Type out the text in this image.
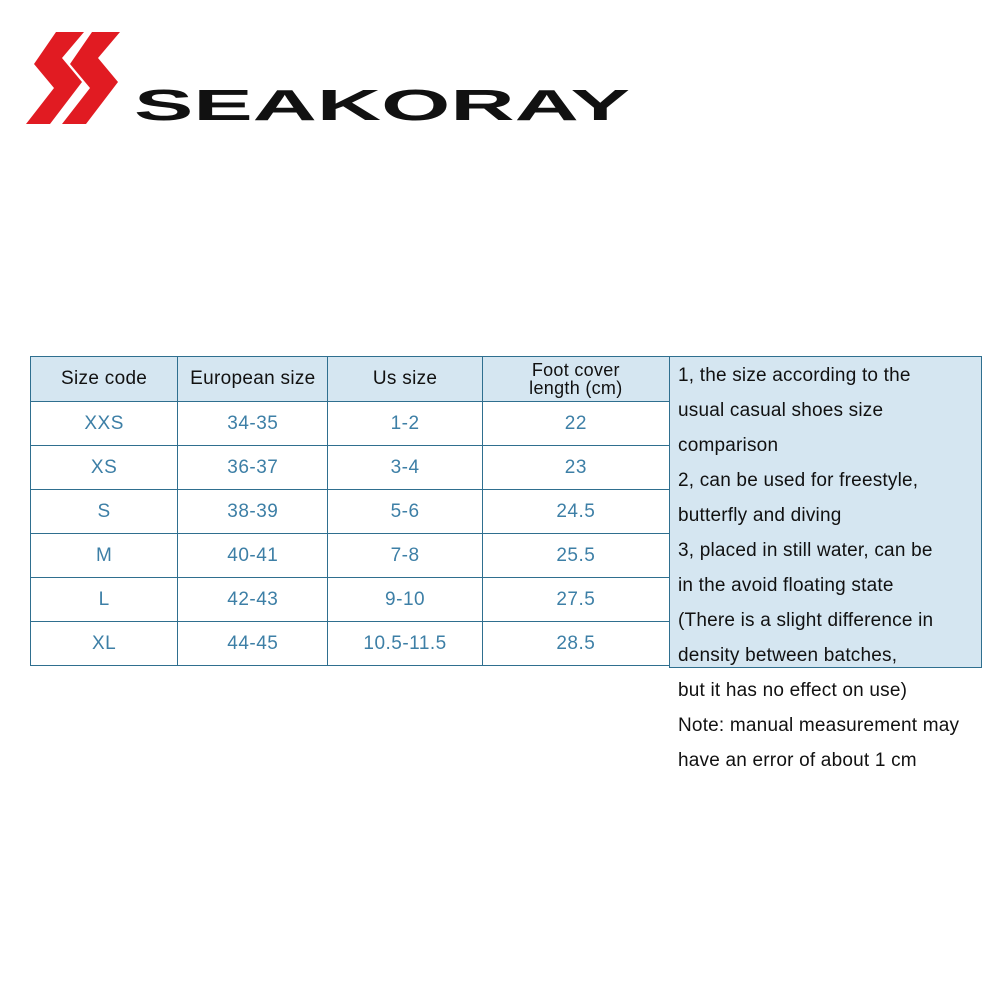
SEAKORAY
Size code	European size	Us size	Foot cover
length (cm)
XXS	34-35	1-2	22
XS	36-37	3-4	23
S	38-39	5-6	24.5
M	40-41	7-8	25.5
L	42-43	9-10	27.5
XL	44-45	10.5-11.5	28.5
1, the size according to the
usual casual shoes size
comparison
2, can be used for freestyle,
butterfly and diving
3, placed in still water, can be
in the avoid floating state
(There is a slight difference in
density between batches,
but it has no effect on use)
Note: manual measurement may
have an error of about 1 cm
